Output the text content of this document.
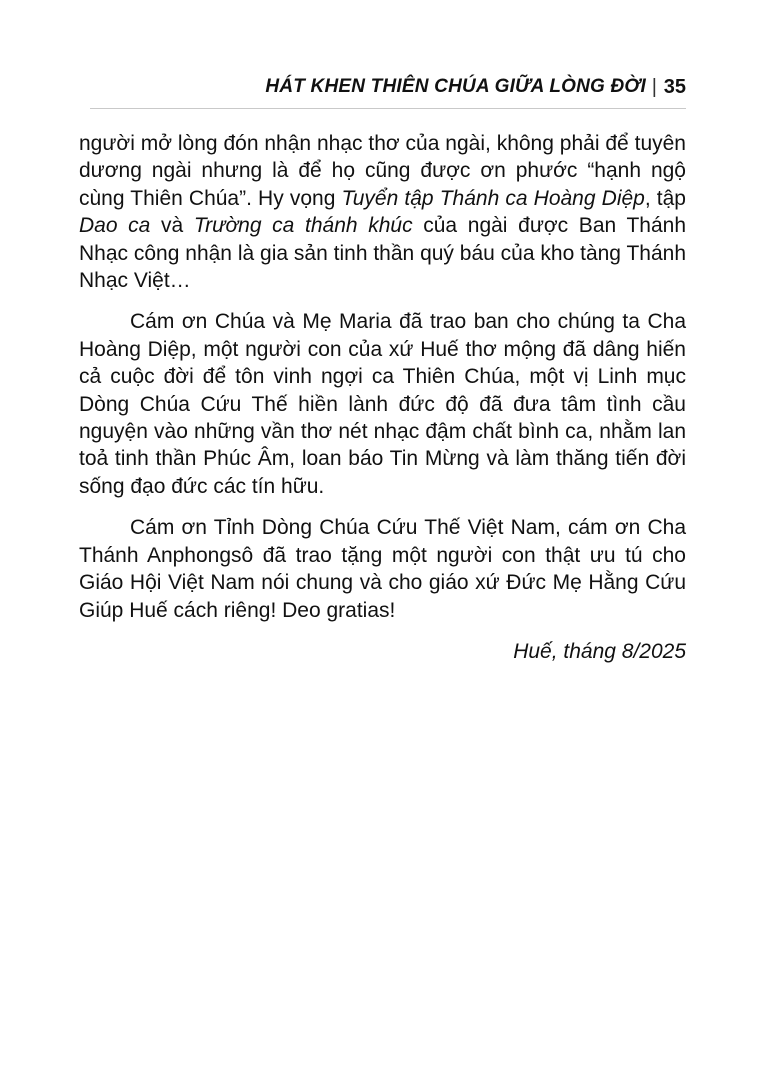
HÁT KHEN THIÊN CHÚA GIỮA LÒNG ĐỜI | 35

người mở lòng đón nhận nhạc thơ của ngài, không phải để tuyên dương ngài nhưng là để họ cũng được ơn phước “hạnh ngộ cùng Thiên Chúa”. Hy vọng Tuyển tập Thánh ca Hoàng Diệp, tập Dao ca và Trường ca thánh khúc của ngài được Ban Thánh Nhạc công nhận là gia sản tinh thần quý báu của kho tàng Thánh Nhạc Việt…

Cám ơn Chúa và Mẹ Maria đã trao ban cho chúng ta Cha Hoàng Diệp, một người con của xứ Huế thơ mộng đã dâng hiến cả cuộc đời để tôn vinh ngợi ca Thiên Chúa, một vị Linh mục Dòng Chúa Cứu Thế hiền lành đức độ đã đưa tâm tình cầu nguyện vào những vần thơ nét nhạc đậm chất bình ca, nhằm lan toả tinh thần Phúc Âm, loan báo Tin Mừng và làm thăng tiến đời sống đạo đức các tín hữu.

Cám ơn Tỉnh Dòng Chúa Cứu Thế Việt Nam, cám ơn Cha Thánh Anphongsô đã trao tặng một người con thật ưu tú cho Giáo Hội Việt Nam nói chung và cho giáo xứ Đức Mẹ Hằng Cứu Giúp Huế cách riêng! Deo gratias!

Huế, tháng 8/2025
